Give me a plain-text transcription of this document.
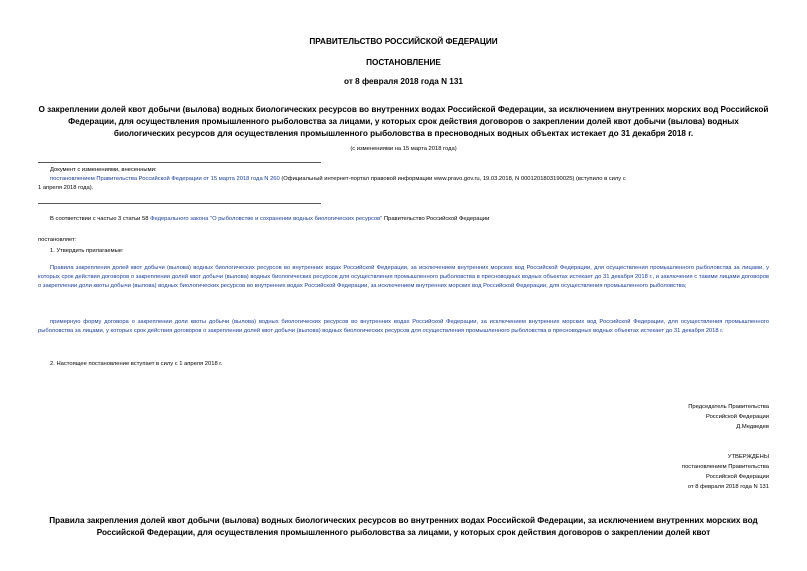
ПРАВИТЕЛЬСТВО РОССИЙСКОЙ ФЕДЕРАЦИИ
ПОСТАНОВЛЕНИЕ
от 8 февраля 2018 года N 131
О закреплении долей квот добычи (вылова) водных биологических ресурсов во внутренних водах Российской Федерации, за исключением внутренних морских вод Российской Федерации, для осуществления промышленного рыболовства за лицами, у которых срок действия договоров о закреплении долей квот добычи (вылова) водных биологических ресурсов для осуществления промышленного рыболовства в пресноводных водных объектах истекает до 31 декабря 2018 г.
(с изменениями на 15 марта 2018 года)
Документ с изменениями, внесенными:
постановлением Правительства Российской Федерации от 15 марта 2018 года N 260 (Официальный интернет-портал правовой информации www.pravo.gov.ru, 19.03.2018, N 0001201803190025) (вступило в силу с
1 апреля 2018 года).
В соответствии с частью 3 статьи 58 Федерального закона "О рыболовстве и сохранении водных биологических ресурсов" Правительство Российской Федерации
постановляет:
1. Утвердить прилагаемые:
Правила закрепления долей квот добычи (вылова) водных биологических ресурсов во внутренних водах Российской Федерации, за исключением внутренних морских вод Российской Федерации, для осуществления промышленного рыболовства за лицами, у которых срок действия договоров о закреплении долей квот добычи (вылова) водных биологических ресурсов для осуществления промышленного рыболовства в пресноводных водных объектах истекает до 31 декабря 2018 г., и заключения с такими лицами договоров о закреплении доли квоты добычи (вылова) водных биологических ресурсов во внутренних водах Российской Федерации, за исключением внутренних морских вод Российской Федерации, для осуществления промышленного рыболовства;
примерную форму договора о закреплении доли квоты добычи (вылова) водных биологических ресурсов во внутренних водах Российской Федерации, за исключением внутренних морских вод Российской Федерации, для осуществления промышленного рыболовства за лицами, у которых срок действия договоров о закреплении долей квот добычи (вылова) водных биологических ресурсов для осуществления промышленного рыболовства в пресноводных водных объектах истекает до 31 декабря 2018 г.
2. Настоящее постановление вступает в силу с 1 апреля 2018 г.
Председатель Правительства
Российской Федерации
Д.Медведев
УТВЕРЖДЕНЫ
постановлением Правительства
Российской Федерации
от 8 февраля 2018 года N 131
Правила закрепления долей квот добычи (вылова) водных биологических ресурсов во внутренних водах Российской Федерации, за исключением внутренних морских вод Российской Федерации, для осуществления промышленного рыболовства за лицами, у которых срок действия договоров о закреплении долей квот
